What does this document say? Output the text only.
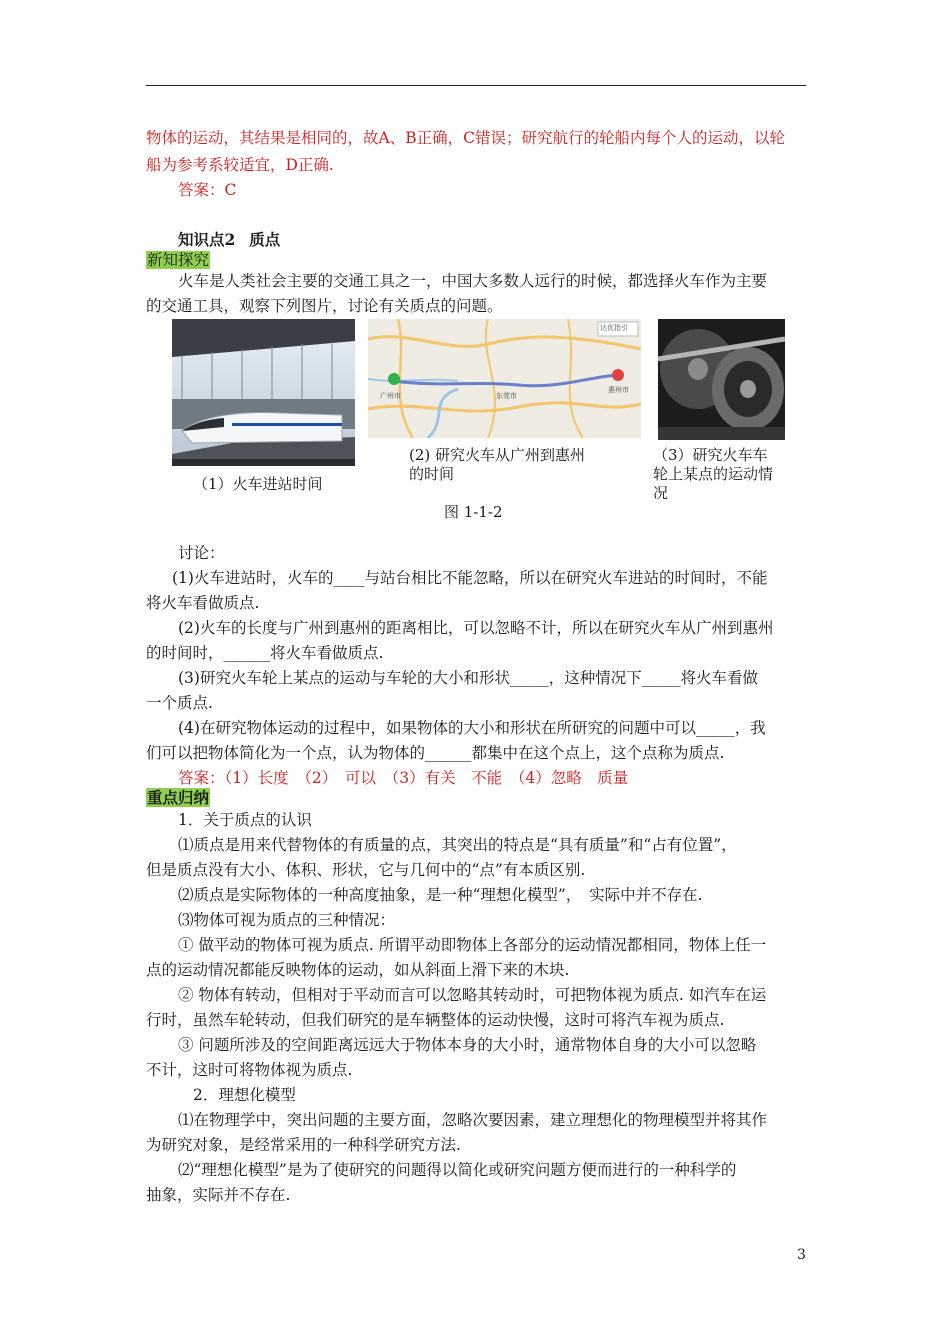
物体的运动，其结果是相同的，故A、B正确，C错误；研究航行的轮船内每个人的运动，以轮
船为参考系较适宜，D正确.
答案：C
知识点2 质点
新知探究
火车是人类社会主要的交通工具之一，中国大多数人远行的时候，都选择火车作为主要
的交通工具，观察下列图片，讨论有关质点的问题。
（1）火车进站时间
达优指引
广州市	东莞市
惠州市
(2) 研究火车从广州到惠州
的时间
（3）研究火车车
轮上某点的运动情
况
图 1-1-2
讨论：
(1)火车进站时，火车的____与站台相比不能忽略，所以在研究火车进站的时间时，不能
将火车看做质点.
(2)火车的长度与广州到惠州的距离相比，可以忽略不计，所以在研究火车从广州到惠州
的时间时，______将火车看做质点.
(3)研究火车轮上某点的运动与车轮的大小和形状_____，这种情况下_____将火车看做
一个质点.
(4)在研究物体运动的过程中，如果物体的大小和形状在所研究的问题中可以_____，我
们可以把物体简化为一个点，认为物体的______都集中在这个点上，这个点称为质点.
答案：（1）长度　（2）　可以　（3）有关　不能　（4）忽略　质量
重点归纳
1．关于质点的认识
⑴质点是用来代替物体的有质量的点，其突出的特点是“具有质量”和“占有位置”，
但是质点没有大小、体积、形状，它与几何中的“点”有本质区别.
⑵质点是实际物体的一种高度抽象，是一种“理想化模型”，　实际中并不存在.
⑶物体可视为质点的三种情况：
① 做平动的物体可视为质点. 所谓平动即物体上各部分的运动情况都相同，物体上任一
点的运动情况都能反映物体的运动，如从斜面上滑下来的木块.
② 物体有转动，但相对于平动而言可以忽略其转动时，可把物体视为质点. 如汽车在运
行时，虽然车轮转动，但我们研究的是车辆整体的运动快慢，这时可将汽车视为质点.
③ 问题所涉及的空间距离远远大于物体本身的大小时，通常物体自身的大小可以忽略
不计，这时可将物体视为质点.
2．理想化模型
⑴在物理学中，突出问题的主要方面，忽略次要因素，建立理想化的物理模型并将其作
为研究对象，是经常采用的一种科学研究方法.
⑵“理想化模型”是为了使研究的问题得以简化或研究问题方便而进行的一种科学的
抽象，实际并不存在.
3
